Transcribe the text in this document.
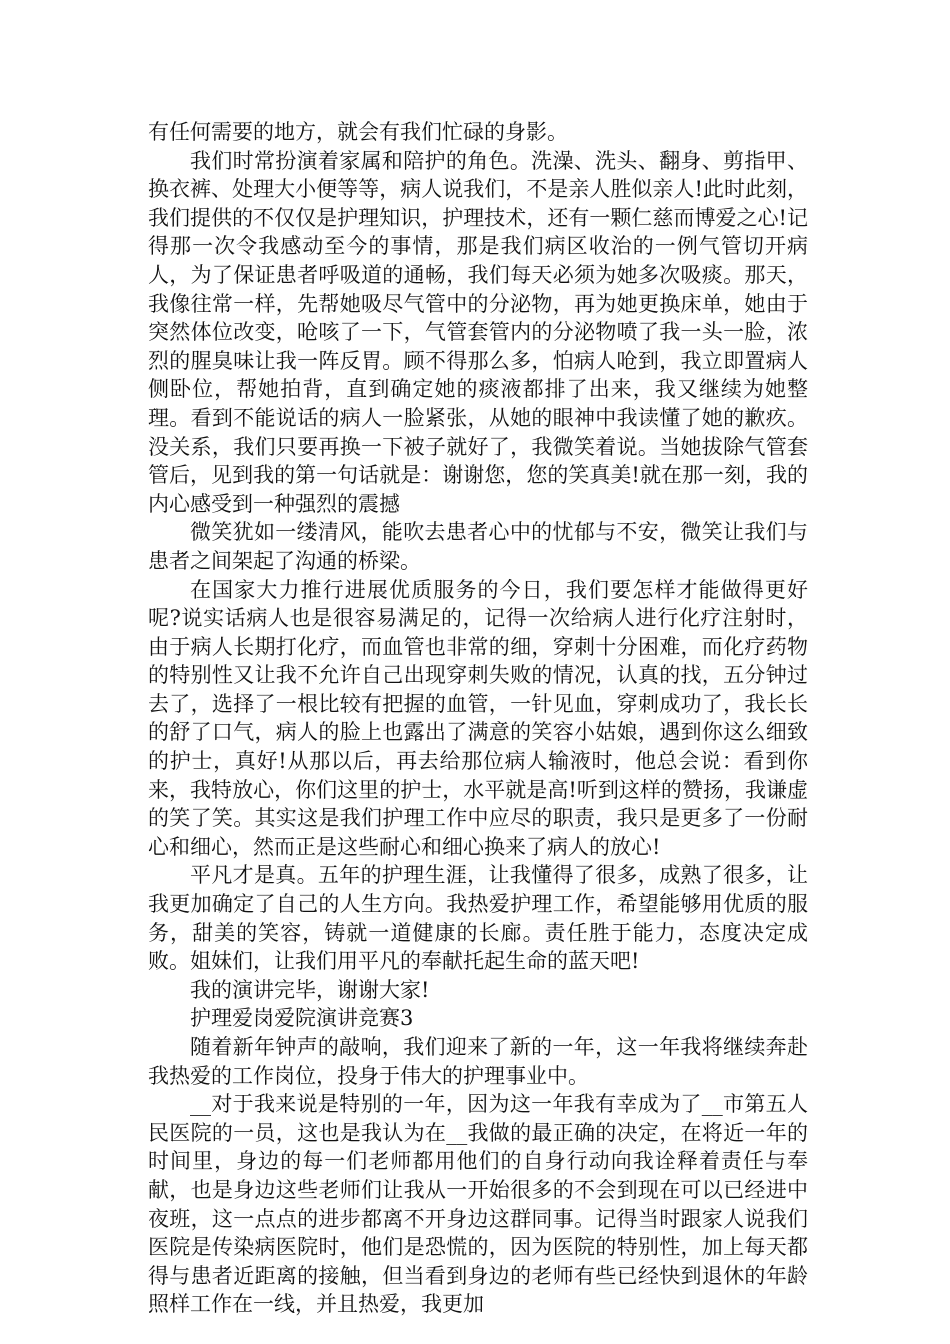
有任何需要的地方，就会有我们忙碌的身影。

我们时常扮演着家属和陪护的角色。洗澡、洗头、翻身、剪指甲、换衣裤、处理大小便等等，病人说我们，不是亲人胜似亲人!此时此刻，我们提供的不仅仅是护理知识，护理技术，还有一颗仁慈而博爱之心!记得那一次令我感动至今的事情，那是我们病区收治的一例气管切开病人，为了保证患者呼吸道的通畅，我们每天必须为她多次吸痰。那天，我像往常一样，先帮她吸尽气管中的分泌物，再为她更换床单，她由于突然体位改变，呛咳了一下，气管套管内的分泌物喷了我一头一脸，浓烈的腥臭味让我一阵反胃。顾不得那么多，怕病人呛到，我立即置病人侧卧位，帮她拍背，直到确定她的痰液都排了出来，我又继续为她整理。看到不能说话的病人一脸紧张，从她的眼神中我读懂了她的歉疚。没关系，我们只要再换一下被子就好了，我微笑着说。当她拔除气管套管后，见到我的第一句话就是：谢谢您，您的笑真美!就在那一刻，我的内心感受到一种强烈的震撼

微笑犹如一缕清风，能吹去患者心中的忧郁与不安，微笑让我们与患者之间架起了沟通的桥梁。

在国家大力推行进展优质服务的今日，我们要怎样才能做得更好呢?说实话病人也是很容易满足的，记得一次给病人进行化疗注射时，由于病人长期打化疗，而血管也非常的细，穿刺十分困难，而化疗药物的特别性又让我不允许自己出现穿刺失败的情况，认真的找，五分钟过去了，选择了一根比较有把握的血管，一针见血，穿刺成功了，我长长的舒了口气，病人的脸上也露出了满意的笑容小姑娘，遇到你这么细致的护士，真好!从那以后，再去给那位病人输液时，他总会说：看到你来，我特放心，你们这里的护士，水平就是高!听到这样的赞扬，我谦虚的笑了笑。其实这是我们护理工作中应尽的职责，我只是更多了一份耐心和细心，然而正是这些耐心和细心换来了病人的放心!

平凡才是真。五年的护理生涯，让我懂得了很多，成熟了很多，让我更加确定了自己的人生方向。我热爱护理工作，希望能够用优质的服务，甜美的笑容，铸就一道健康的长廊。责任胜于能力，态度决定成败。姐妹们，让我们用平凡的奉献托起生命的蓝天吧!

我的演讲完毕，谢谢大家!

护理爱岗爱院演讲竞赛3

随着新年钟声的敲响，我们迎来了新的一年，这一年我将继续奔赴我热爱的工作岗位，投身于伟大的护理事业中。

__对于我来说是特别的一年，因为这一年我有幸成为了__市第五人民医院的一员，这也是我认为在__我做的最正确的决定，在将近一年的时间里，身边的每一们老师都用他们的自身行动向我诠释着责任与奉献，也是身边这些老师们让我从一开始很多的不会到现在可以已经进中夜班，这一点点的进步都离不开身边这群同事。记得当时跟家人说我们医院是传染病医院时，他们是恐慌的，因为医院的特别性，加上每天都得与患者近距离的接触，但当看到身边的老师有些已经快到退休的年龄照样工作在一线，并且热爱，我更加
